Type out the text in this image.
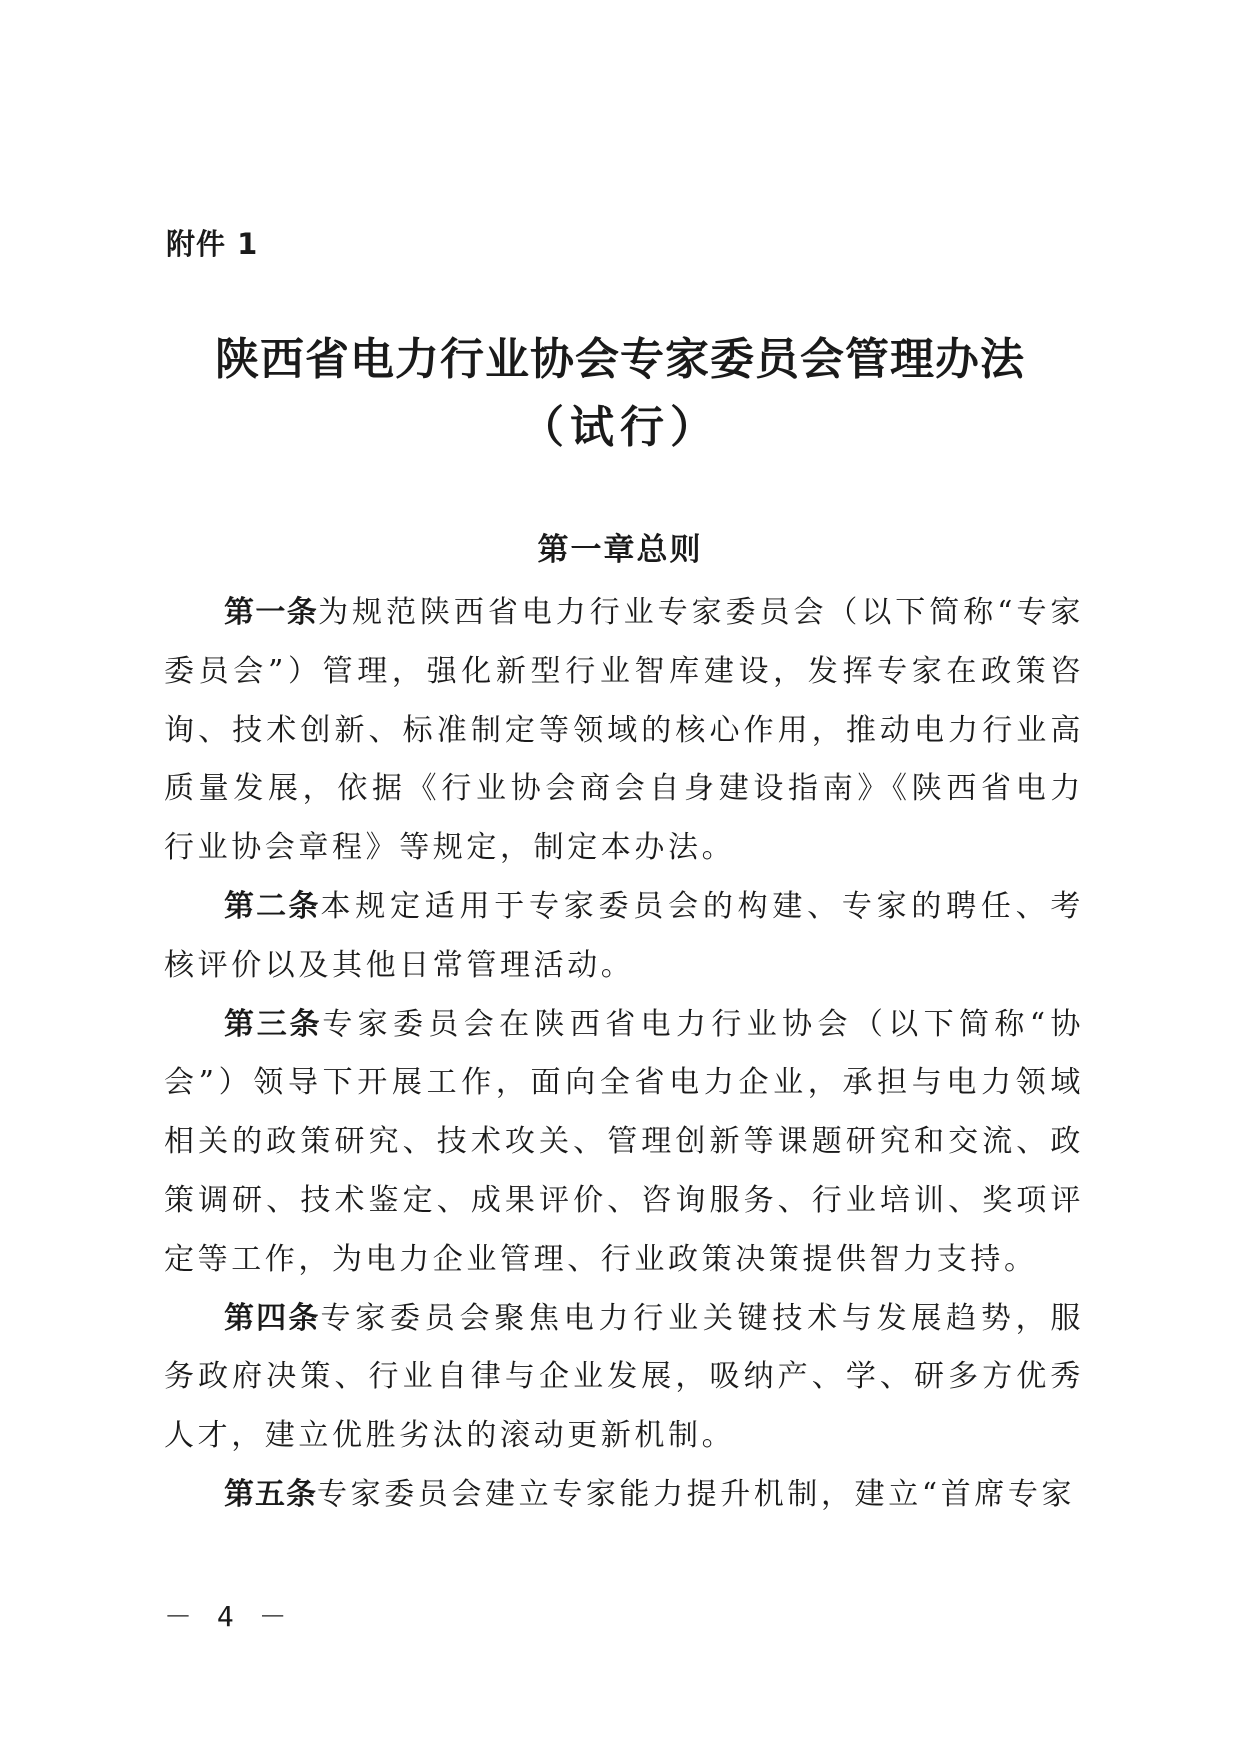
附件 1

陕西省电力行业协会专家委员会管理办法
（试行）
第一章总则

第一条为规范陕西省电力行业专家委员会（以下简称“专家委员会”）管理，强化新型行业智库建设，发挥专家在政策咨询、技术创新、标准制定等领域的核心作用，推动电力行业高质量发展，依据《行业协会商会自身建设指南》《陕西省电力行业协会章程》等规定，制定本办法。

第二条本规定适用于专家委员会的构建、专家的聘任、考核评价以及其他日常管理活动。

第三条专家委员会在陕西省电力行业协会（以下简称“协会”）领导下开展工作，面向全省电力企业，承担与电力领域相关的政策研究、技术攻关、管理创新等课题研究和交流、政策调研、技术鉴定、成果评价、咨询服务、行业培训、奖项评定等工作，为电力企业管理、行业政策决策提供智力支持。

第四条专家委员会聚焦电力行业关键技术与发展趋势，服务政府决策、行业自律与企业发展，吸纳产、学、研多方优秀人才，建立优胜劣汰的滚动更新机制。

第五条专家委员会建立专家能力提升机制，建立“首席专家

－ 4 －
